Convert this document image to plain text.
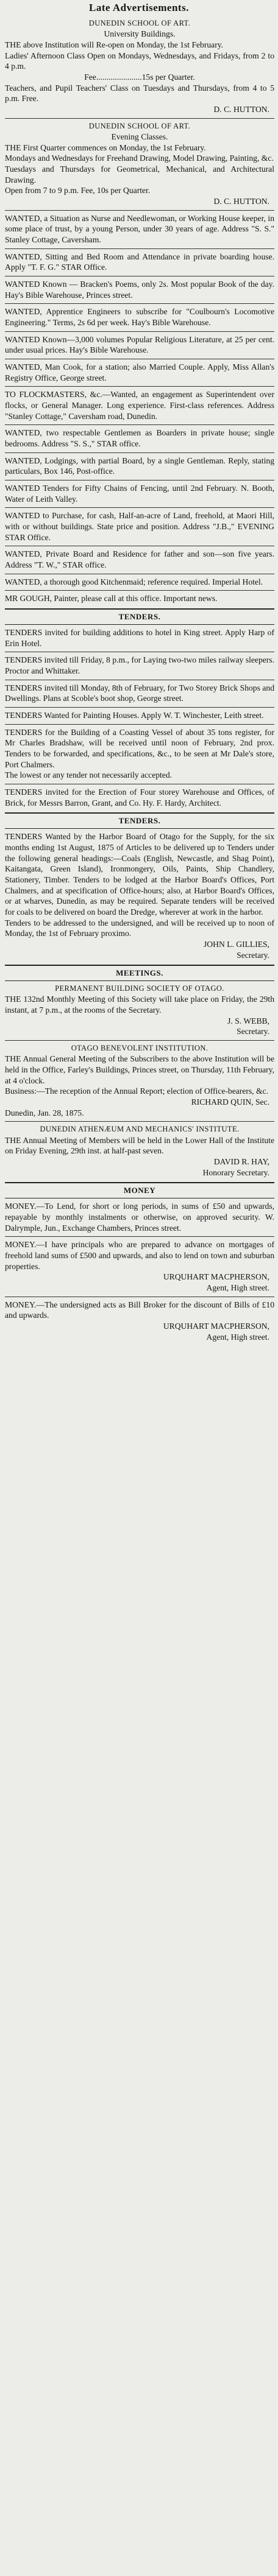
Late Advertisements.
DUNEDIN SCHOOL OF ART.

University Buildings.

THE above Institution will Re-open on Monday, the 1st February.

Ladies' Afternoon Class Open on Mondays, Wednesdays, and Fridays, from 2 to 4 p.m.

Fee......................15s per Quarter.

Teachers, and Pupil Teachers' Class on Tuesdays and Thursdays, from 4 to 5 p.m. Free.

D. C. HUTTON.

DUNEDIN SCHOOL OF ART.

Evening Classes.

THE First Quarter commences on Monday, the 1st February.

Mondays and Wednesdays for Freehand Drawing, Model Drawing, Painting, &c.

Tuesdays and Thursdays for Geometrical, Mechanical, and Architectural Drawing.

Open from 7 to 9 p.m. Fee, 10s per Quarter.

D. C. HUTTON.

WANTED, a Situation as Nurse and Needlewoman, or Working House keeper, in some place of trust, by a young Person, under 30 years of age. Address "S. S." Stanley Cottage, Caversham.

WANTED, Sitting and Bed Room and Attendance in private boarding house. Apply "T. F. G." STAR Office.

WANTED Known — Bracken's Poems, only 2s. Most popular Book of the day. Hay's Bible Warehouse, Princes street.

WANTED, Apprentice Engineers to subscribe for "Coulbourn's Locomotive Engineering." Terms, 2s 6d per week. Hay's Bible Warehouse.

WANTED Known—3,000 volumes Popular Religious Literature, at 25 per cent. under usual prices. Hay's Bible Warehouse.

WANTED, Man Cook, for a station; also Married Couple. Apply, Miss Allan's Registry Office, George street.

TO FLOCKMASTERS, &c.—Wanted, an engagement as Superintendent over flocks, or General Manager. Long experience. First-class references. Address "Stanley Cottage," Caversham road, Dunedin.

WANTED, two respectable Gentlemen as Boarders in private house; single bedrooms. Address "S. S.," STAR office.

WANTED, Lodgings, with partial Board, by a single Gentleman. Reply, stating particulars, Box 146, Post-office.

WANTED Tenders for Fifty Chains of Fencing, until 2nd February. N. Booth, Water of Leith Valley.

WANTED to Purchase, for cash, Half-an-acre of Land, freehold, at Maori Hill, with or without buildings. State price and position. Address "J.B.," EVENING STAR Office.

WANTED, Private Board and Residence for father and son—son five years. Address "T. W.," STAR office.

WANTED, a thorough good Kitchenmaid; reference required. Imperial Hotel.

MR GOUGH, Painter, please call at this office. Important news.

TENDERS.

TENDERS invited for building additions to hotel in King street. Apply Harp of Erin Hotel.

TENDERS invited till Friday, 8 p.m., for Laying two-two miles railway sleepers. Proctor and Whittaker.

TENDERS invited till Monday, 8th of February, for Two Storey Brick Shops and Dwellings. Plans at Scoble's boot shop, George street.

TENDERS Wanted for Painting Houses. Apply W. T. Winchester, Leith street.

TENDERS for the Building of a Coasting Vessel of about 35 tons register, for Mr Charles Bradshaw, will be received until noon of February, 2nd prox. Tenders to be forwarded, and specifications, &c., to be seen at Mr Dale's store, Port Chalmers.

The lowest or any tender not necessarily accepted.

TENDERS invited for the Erection of Four storey Warehouse and Offices, of Brick, for Messrs Barron, Grant, and Co. Hy. F. Hardy, Architect.

TENDERS.

TENDERS Wanted by the Harbor Board of Otago for the Supply, for the six months ending 1st August, 1875 of Articles to be delivered up to Tenders under the following general headings:—Coals (English, Newcastle, and Shag Point), Kaitangata, Green Island), Ironmongery, Oils, Paints, Ship Chandlery, Stationery, Timber. Tenders to be lodged at the Harbor Board's Offices, Port Chalmers, and at specification of Office-hours; also, at Harbor Board's Offices, or at wharves, Dunedin, as may be required. Separate tenders will be received for coals to be delivered on board the Dredge, wherever at work in the harbor.

Tenders to be addressed to the undersigned, and will be received up to noon of Monday, the 1st of February proximo.

JOHN L. GILLIES,

Secretary.

MEETINGS.
PERMANENT BUILDING SOCIETY OF OTAGO.

THE 132nd Monthly Meeting of this Society will take place on Friday, the 29th instant, at 7 p.m., at the rooms of the Secretary.

J. S. WEBB,

Secretary.

OTAGO BENEVOLENT INSTITUTION.

THE Annual General Meeting of the Subscribers to the above Institution will be held in the Office, Farley's Buildings, Princes street, on Thursday, 11th February, at 4 o'clock.

Business:—The reception of the Annual Report; election of Office-bearers, &c.

RICHARD QUIN, Sec.

Dunedin, Jan. 28, 1875.

DUNEDIN ATHENÆUM AND MECHANICS' INSTITUTE.

THE Annual Meeting of Members will be held in the Lower Hall of the Institute on Friday Evening, 29th inst. at half-past seven.

DAVID R. HAY,

Honorary Secretary.

MONEY

MONEY.—To Lend, for short or long periods, in sums of £50 and upwards, repayable by monthly instalments or otherwise, on approved security. W. Dalrymple, Jun., Exchange Chambers, Princes street.

MONEY.—I have principals who are prepared to advance on mortgages of freehold land sums of £500 and upwards, and also to lend on town and suburban properties.

URQUHART MACPHERSON,

Agent, High street.

MONEY.—The undersigned acts as Bill Broker for the discount of Bills of £10 and upwards.

URQUHART MACPHERSON,

Agent, High street.
